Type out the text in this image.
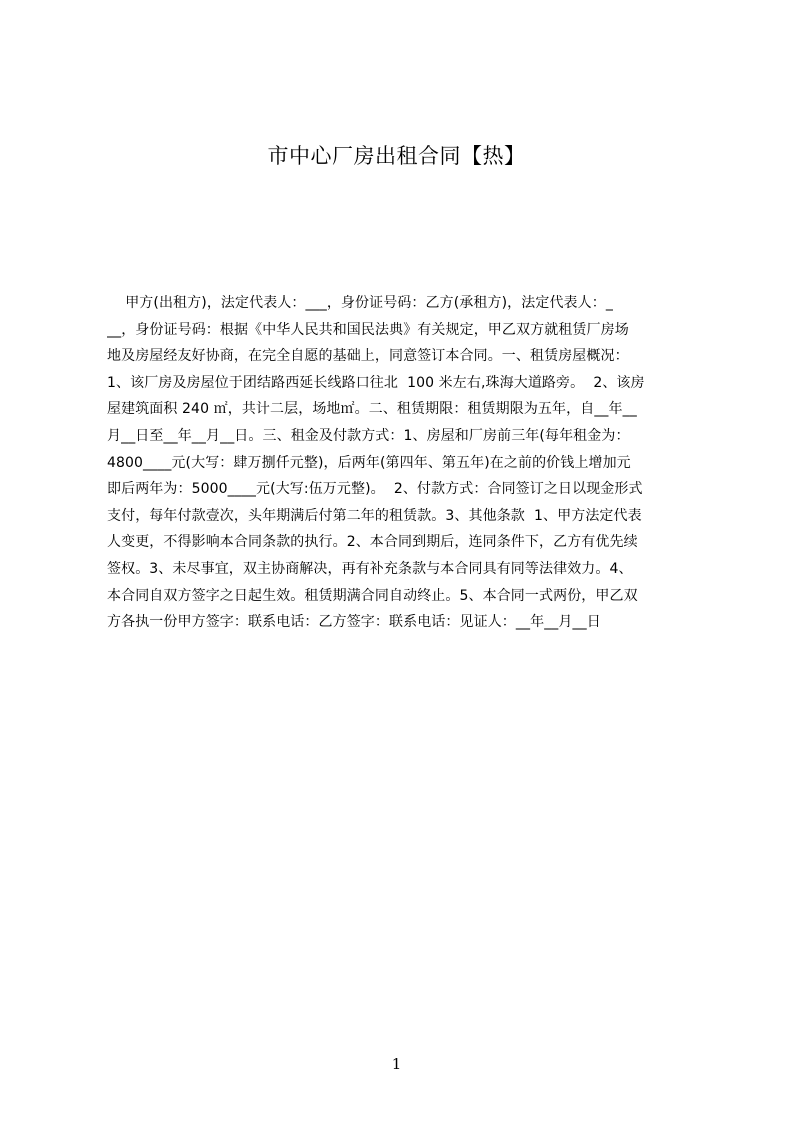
市中心厂房出租合同【热】
甲方(出租方)，法定代表人：___，身份证号码：乙方(承租方)，法定代表人：_
__，身份证号码：根据《中华人民共和国民法典》有关规定，甲乙双方就租赁厂房场
地及房屋经友好协商，在完全自愿的基础上，同意签订本合同。一、租赁房屋概况：
1、该厂房及房屋位于团结路西延长线路口往北  100 米左右,珠海大道路旁。  2、该房
屋建筑面积 240 ㎡，共计二层，场地㎡。二、租赁期限：租赁期限为五年，自__年__
月__日至__年__月__日。三、租金及付款方式：1、房屋和厂房前三年(每年租金为：
4800____元(大写：肆万捌仟元整)，后两年(第四年、第五年)在之前的价钱上增加元
即后两年为：5000____元(大写:伍万元整)。  2、付款方式：合同签订之日以现金形式
支付，每年付款壹次，头年期满后付第二年的租赁款。3、其他条款  1、甲方法定代表
人变更，不得影响本合同条款的执行。2、本合同到期后，连同条件下，乙方有优先续
签权。3、未尽事宜，双主协商解决，再有补充条款与本合同具有同等法律效力。4、
本合同自双方签字之日起生效。租赁期满合同自动终止。5、本合同一式两份，甲乙双
方各执一份甲方签字：联系电话：乙方签字：联系电话：见证人：__年__月__日
1
